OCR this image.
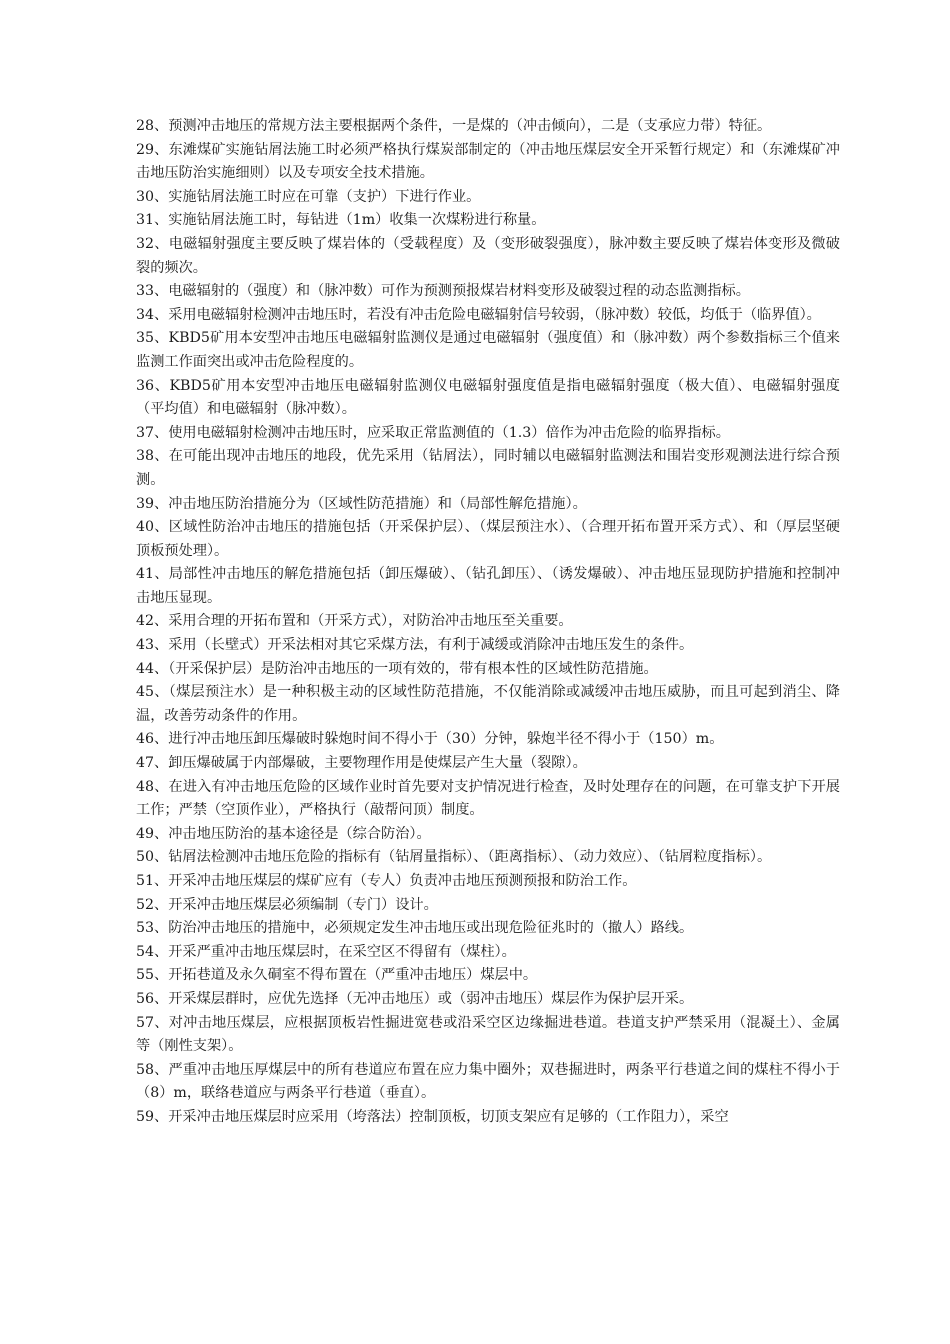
28、预测冲击地压的常规方法主要根据两个条件，一是煤的（冲击倾向），二是（支承应力带）特征。

29、东滩煤矿实施钻屑法施工时必须严格执行煤炭部制定的（冲击地压煤层安全开采暂行规定）和（东滩煤矿冲击地压防治实施细则）以及专项安全技术措施。

30、实施钻屑法施工时应在可靠（支护）下进行作业。

31、实施钻屑法施工时，每钻进（1m）收集一次煤粉进行称量。

32、电磁辐射强度主要反映了煤岩体的（受载程度）及（变形破裂强度），脉冲数主要反映了煤岩体变形及微破裂的频次。

33、电磁辐射的（强度）和（脉冲数）可作为预测预报煤岩材料变形及破裂过程的动态监测指标。

34、采用电磁辐射检测冲击地压时，若没有冲击危险电磁辐射信号较弱，（脉冲数）较低，均低于（临界值）。

35、KBD5矿用本安型冲击地压电磁辐射监测仪是通过电磁辐射（强度值）和（脉冲数）两个参数指标三个值来监测工作面突出或冲击危险程度的。

36、KBD5矿用本安型冲击地压电磁辐射监测仪电磁辐射强度值是指电磁辐射强度（极大值）、电磁辐射强度（平均值）和电磁辐射（脉冲数）。

37、使用电磁辐射检测冲击地压时，应采取正常监测值的（1.3）倍作为冲击危险的临界指标。

38、在可能出现冲击地压的地段，优先采用（钻屑法），同时辅以电磁辐射监测法和围岩变形观测法进行综合预测。

39、冲击地压防治措施分为（区域性防范措施）和（局部性解危措施）。

40、区域性防治冲击地压的措施包括（开采保护层）、（煤层预注水）、（合理开拓布置开采方式）、和（厚层坚硬顶板预处理）。

41、局部性冲击地压的解危措施包括（卸压爆破）、（钻孔卸压）、（诱发爆破）、冲击地压显现防护措施和控制冲击地压显现。

42、采用合理的开拓布置和（开采方式），对防治冲击地压至关重要。

43、采用（长壁式）开采法相对其它采煤方法，有利于减缓或消除冲击地压发生的条件。

44、（开采保护层）是防治冲击地压的一项有效的，带有根本性的区域性防范措施。

45、（煤层预注水）是一种积极主动的区域性防范措施，不仅能消除或减缓冲击地压威胁，而且可起到消尘、降温，改善劳动条件的作用。

46、进行冲击地压卸压爆破时躲炮时间不得小于（30）分钟，躲炮半径不得小于（150）m。

47、卸压爆破属于内部爆破，主要物理作用是使煤层产生大量（裂隙）。

48、在进入有冲击地压危险的区域作业时首先要对支护情况进行检查，及时处理存在的问题，在可靠支护下开展工作；严禁（空顶作业），严格执行（敲帮问顶）制度。

49、冲击地压防治的基本途径是（综合防治）。

50、钻屑法检测冲击地压危险的指标有（钻屑量指标）、（距离指标）、（动力效应）、（钻屑粒度指标）。

51、开采冲击地压煤层的煤矿应有（专人）负责冲击地压预测预报和防治工作。

52、开采冲击地压煤层必须编制（专门）设计。

53、防治冲击地压的措施中，必须规定发生冲击地压或出现危险征兆时的（撤人）路线。

54、开采严重冲击地压煤层时，在采空区不得留有（煤柱）。

55、开拓巷道及永久硐室不得布置在（严重冲击地压）煤层中。

56、开采煤层群时，应优先选择（无冲击地压）或（弱冲击地压）煤层作为保护层开采。

57、对冲击地压煤层，应根据顶板岩性掘进宽巷或沿采空区边缘掘进巷道。巷道支护严禁采用（混凝土）、金属等（刚性支架）。

58、严重冲击地压厚煤层中的所有巷道应布置在应力集中圈外；双巷掘进时，两条平行巷道之间的煤柱不得小于（8）m，联络巷道应与两条平行巷道（垂直）。

59、开采冲击地压煤层时应采用（垮落法）控制顶板，切顶支架应有足够的（工作阻力），采空
